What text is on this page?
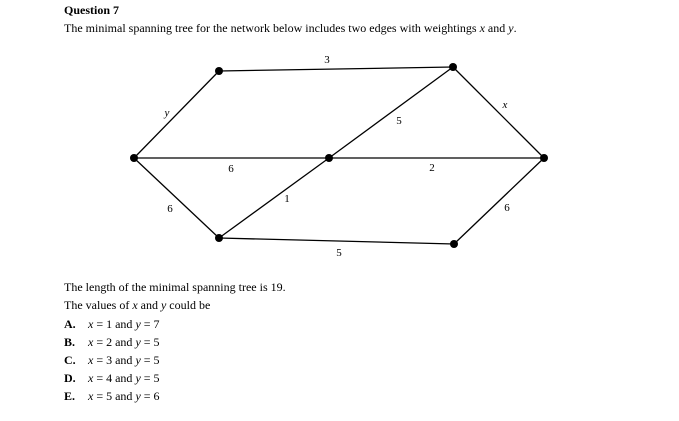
Question 7
The minimal spanning tree for the network below includes two edges with weightings x and y.
3
y
5
x
6	2
6
1
6
5
The length of the minimal spanning tree is 19.
The values of x and y could be
A. x = 1 and y = 7
B. x = 2 and y = 5
C. x = 3 and y = 5
D. x = 4 and y = 5
E. x = 5 and y = 6
